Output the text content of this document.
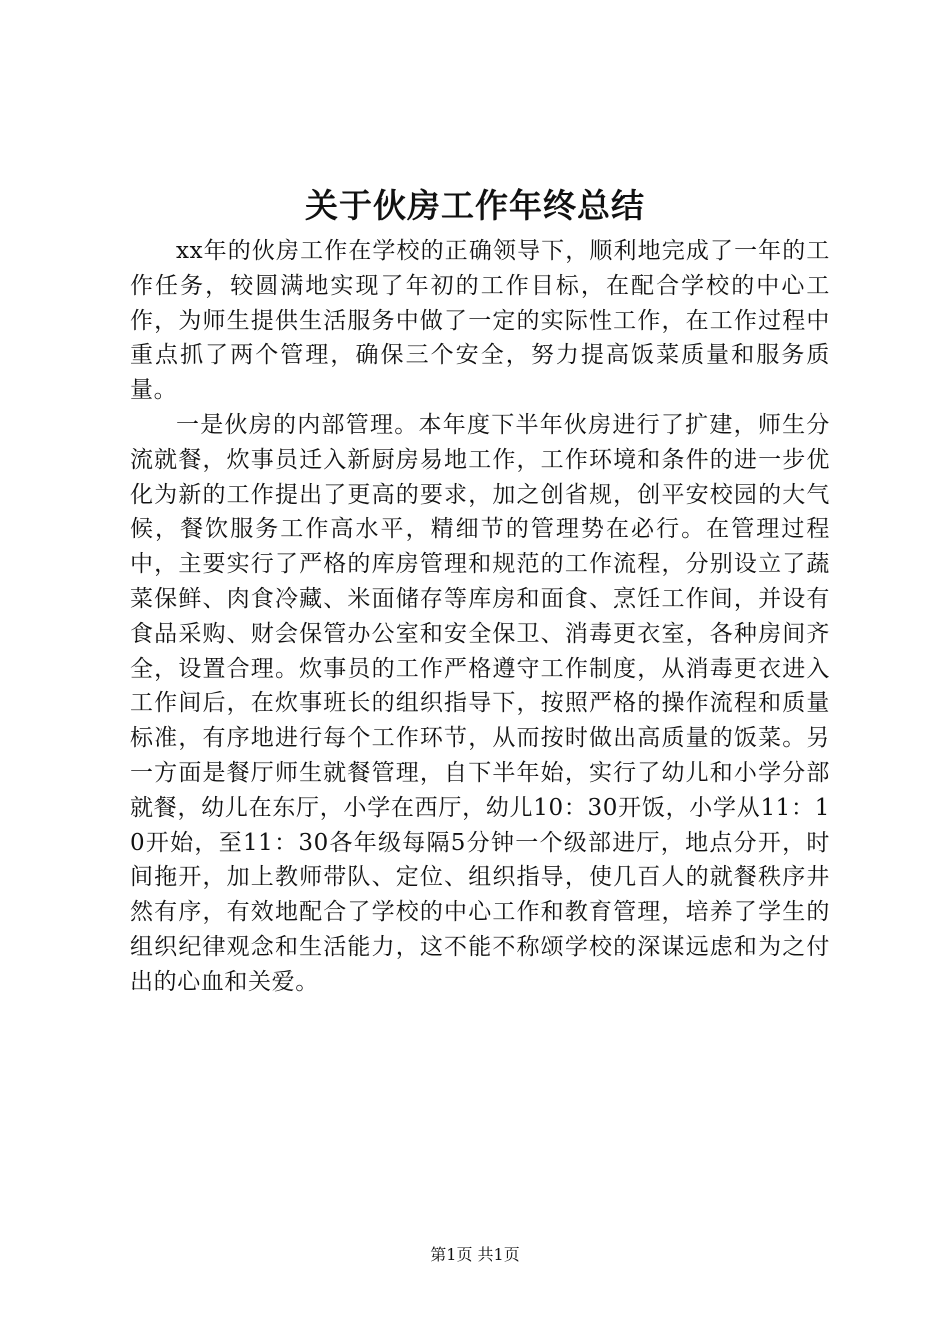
关于伙房工作年终总结

xx年的伙房工作在学校的正确领导下，顺利地完成了一年的工作任务，较圆满地实现了年初的工作目标，在配合学校的中心工作，为师生提供生活服务中做了一定的实际性工作，在工作过程中重点抓了两个管理，确保三个安全，努力提高饭菜质量和服务质量。

一是伙房的内部管理。本年度下半年伙房进行了扩建，师生分流就餐，炊事员迁入新厨房易地工作，工作环境和条件的进一步优化为新的工作提出了更高的要求，加之创省规，创平安校园的大气候，餐饮服务工作高水平，精细节的管理势在必行。在管理过程中，主要实行了严格的库房管理和规范的工作流程，分别设立了蔬菜保鲜、肉食冷藏、米面储存等库房和面食、烹饪工作间，并设有食品采购、财会保管办公室和安全保卫、消毒更衣室，各种房间齐全，设置合理。炊事员的工作严格遵守工作制度，从消毒更衣进入工作间后，在炊事班长的组织指导下，按照严格的操作流程和质量标准，有序地进行每个工作环节，从而按时做出高质量的饭菜。另一方面是餐厅师生就餐管理，自下半年始，实行了幼儿和小学分部就餐，幼儿在东厅，小学在西厅，幼儿10：30开饭，小学从11：10开始，至11：30各年级每隔5分钟一个级部进厅，地点分开，时间拖开，加上教师带队、定位、组织指导，使几百人的就餐秩序井然有序，有效地配合了学校的中心工作和教育管理，培养了学生的组织纪律观念和生活能力，这不能不称颂学校的深谋远虑和为之付出的心血和关爱。

第1页 共1页
